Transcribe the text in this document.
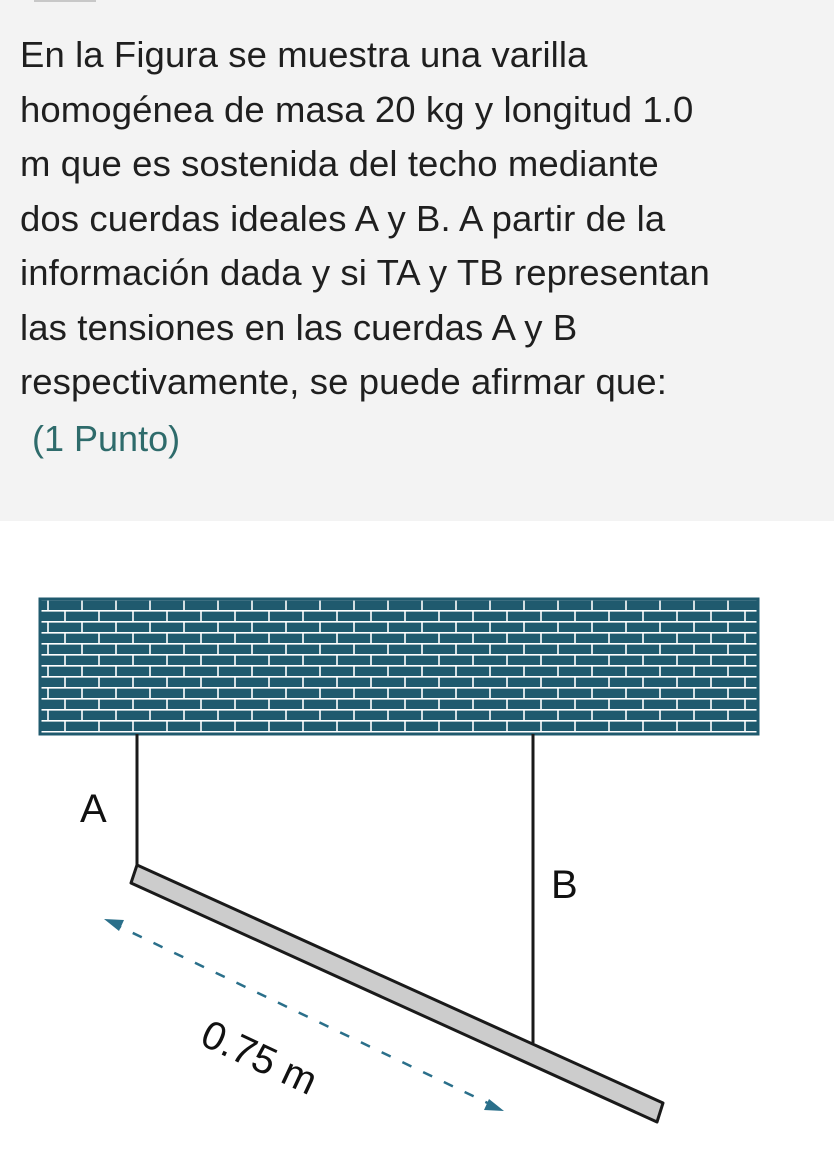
En la Figura se muestra una varilla
homogénea de masa 20 kg y longitud 1.0
m que es sostenida del techo mediante
dos cuerdas ideales A y B. A partir de la
información dada y si TA y TB representan
las tensiones en las cuerdas A y B
respectivamente, se puede afirmar que:
(1 Punto)
A
B
0.75 m
